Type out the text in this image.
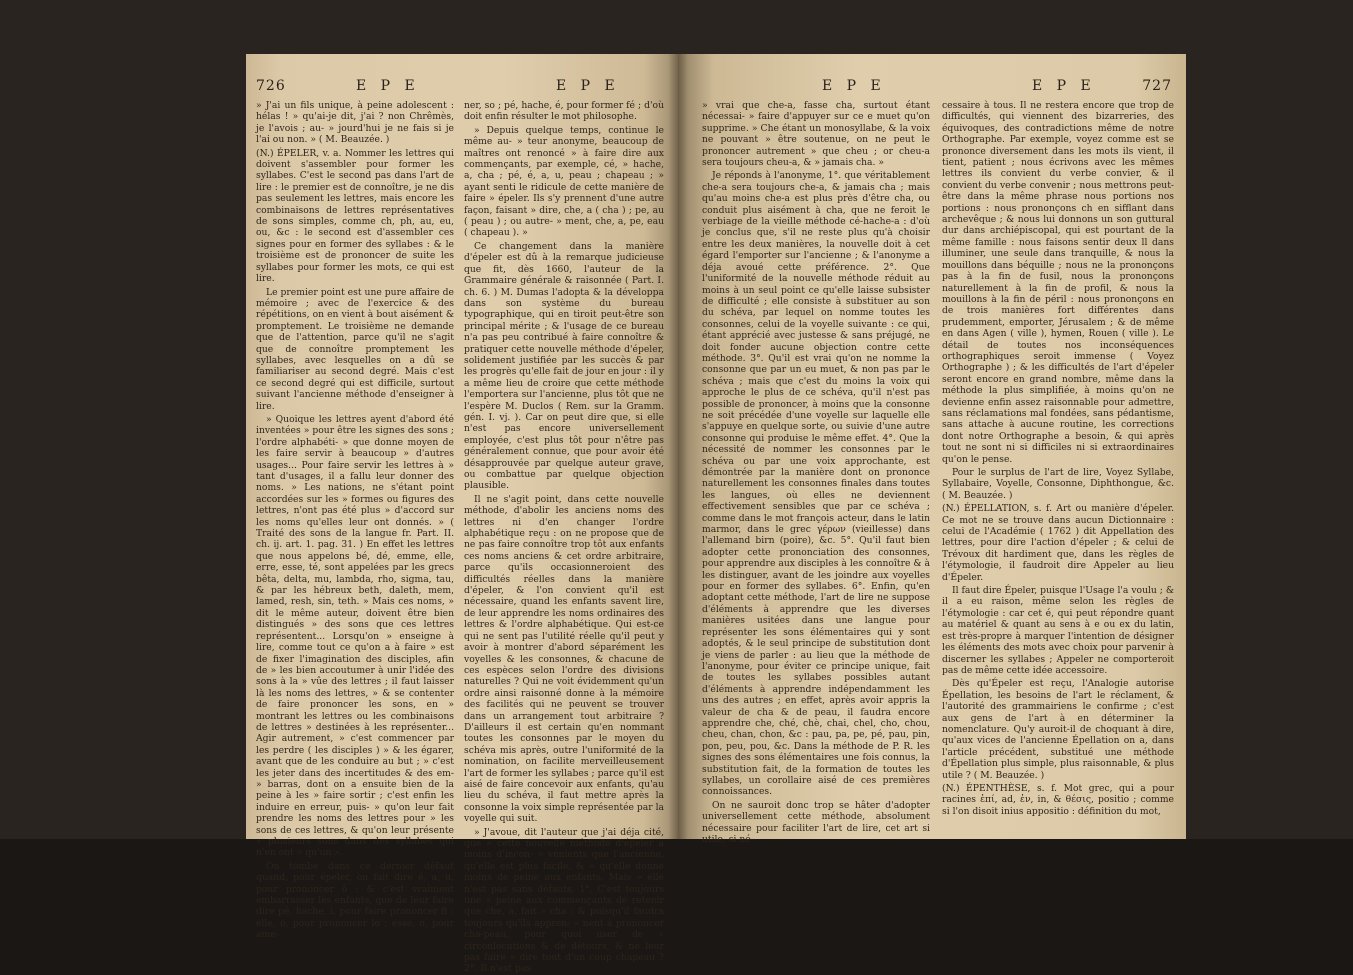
726	E P E	E P E

» J'ai un fils unique, à peine adolescent : hélas ! » qu'ai-je dit, j'ai ? non Chrêmès, je l'avois ; au- » jourd'hui je ne fais si je l'ai ou non. » ( M. Beauzée. )

(N.) ÉPELER, v. a. Nommer les lettres qui doivent s'assembler pour former les syllabes. C'est le second pas dans l'art de lire : le premier est de connoître, je ne dis pas seulement les lettres, mais encore les combinaisons de lettres représentatives de sons simples, comme ch, ph, au, eu, ou, &c : le second est d'assembler ces signes pour en former des syllabes : & le troisième est de prononcer de suite les syllabes pour former les mots, ce qui est lire.

Le premier point est une pure affaire de mémoire ; avec de l'exercice & des répétitions, on en vient à bout aisément & promptement. Le troisième ne demande que de l'attention, parce qu'il ne s'agit que de connoître promptement les syllabes, avec lesquelles on a dû se familiariser au second degré. Mais c'est ce second degré qui est difficile, surtout suivant l'ancienne méthode d'enseigner à lire.

» Quoique les lettres ayent d'abord été inventées » pour être les signes des sons ; l'ordre alphabéti- » que donne moyen de les faire servir à beaucoup » d'autres usages... Pour faire servir les lettres à » tant d'usages, il a fallu leur donner des noms. » Les nations, ne s'étant point accordées sur les » formes ou figures des lettres, n'ont pas été plus » d'accord sur les noms qu'elles leur ont donnés. » ( Traité des sons de la langue fr. Part. II. ch. ij. art. 1. pag. 31. ) En effet les lettres que nous appelons bé, dé, emme, elle, erre, esse, té, sont appelées par les grecs bêta, delta, mu, lambda, rho, sigma, tau, & par les hébreux beth, daleth, mem, lamed, resh, sin, teth. » Mais ces noms, » dit le même auteur, doivent être bien distingués » des sons que ces lettres représentent... Lorsqu'on » enseigne à lire, comme tout ce qu'on a à faire » est de fixer l'imagination des disciples, afin de » les bien accoutumer à unir l'idée des sons à la » vûe des lettres ; il faut laisser là les noms des lettres, » & se contenter de faire prononcer les sons, en » montrant les lettres ou les combinaisons de lettres » destinées à les représenter... Agir autrement, » c'est commencer par les perdre ( les disciples ) » & les égarer, avant que de les conduire au but ; » c'est les jeter dans des incertitudes & des em- » barras, dont on a ensuite bien de la peine à les » faire sortir ; c'est enfin les induire en erreur, puis- » qu'on leur fait prendre les noms des lettres pour » les sons de ces lettres, & qu'on leur présente » plusieurs sons dans des syllabes qui n'en ont » qu'un ».

On tombe dans ce dernier défaut quand, pour épeler, on fait dire é, a, u, pour prononcer ô : & c'est vraiment embarrasser les enfants, que de leur faire dire pé, hache, i, pour faire prononcer fi ; elle, o, pour prononcer lo ; esse, o, pour ame-

ner, so ; pé, hache, é, pour former fé ; d'où doit enfin résulter le mot philosophe.

» Depuis quelque temps, continue le même au- » teur anonyme, beaucoup de maîtres ont renoncé » à faire dire aux commençants, par exemple, cé, » hache, a, cha ; pé, é, a, u, peau ; chapeau ; » ayant senti le ridicule de cette manière de faire » épeler. Ils s'y prennent d'une autre façon, faisant » dire, che, a ( cha ) ; pe, au ( peau ) ; ou autre- » ment, che, a, pe, eau ( chapeau ). »

Ce changement dans la manière d'épeler est dû à la remarque judicieuse que fit, dès 1660, l'auteur de la Grammaire générale & raisonnée ( Part. I. ch. 6. ) M. Dumas l'adopta & la développa dans son système du bureau typographique, qui en tiroit peut-être son principal mérite ; & l'usage de ce bureau n'a pas peu contribué à faire connoître & pratiquer cette nouvelle méthode d'épeler, solidement justifiée par les succès & par les progrès qu'elle fait de jour en jour : il y a même lieu de croire que cette méthode l'emportera sur l'ancienne, plus tôt que ne l'espère M. Duclos ( Rem. sur la Gramm. gén. I. vj. ). Car on peut dire que, si elle n'est pas encore universellement employée, c'est plus tôt pour n'être pas généralement connue, que pour avoir été désapprouvée par quelque auteur grave, ou combattue par quelque objection plausible.

Il ne s'agit point, dans cette nouvelle méthode, d'abolir les anciens noms des lettres ni d'en changer l'ordre alphabétique reçu : on ne propose que de ne pas faire connoître trop tôt aux enfants ces noms anciens & cet ordre arbitraire, parce qu'ils occasionneroient des difficultés réelles dans la manière d'épeler, & l'on convient qu'il est nécessaire, quand les enfants savent lire, de leur apprendre les noms ordinaires des lettres & l'ordre alphabétique. Qui est-ce qui ne sent pas l'utilité réelle qu'il peut y avoir à montrer d'abord séparément les voyelles & les consonnes, & chacune de ces espèces selon l'ordre des divisions naturelles ? Qui ne voit évidemment qu'un ordre ainsi raisonné donne à la mémoire des facilités qui ne peuvent se trouver dans un arrangement tout arbitraire ? D'ailleurs il est certain qu'en nommant toutes les consonnes par le moyen du schéva mis après, outre l'uniformité de la nomination, on facilite merveilleusement l'art de former les syllabes ; parce qu'il est aisé de faire concevoir aux enfants, qu'au lieu du schéva, il faut mettre après la consonne la voix simple représentée par la voyelle qui suit.

» J'avoue, dit l'auteur que j'ai déja cité, que » cette nouvelle méthode d'épeler a moins d'incon- » vénients que l'ancienne, qu'elle est plus facile, & » qu'elle donne moins de peine aux enfants. Mais » elle n'est pas sans défauts. 1°. C'est toujours une » peine aux commençants de retenir que che, a, fait » cha ; & puisqu'il faudra toujours qu'ils appren- » nent à prononcer cha-peau, pour quoi user de » circonlocutions & de détours, & ne leur pas faire » dire tout d'un coup chapeau ? 2°. Il n'est pas

E P E	E P E	727

» vrai que che-a, fasse cha, surtout étant nécessai- » faire d'appuyer sur ce e muet qu'on supprime. » Che étant un monosyllabe, & la voix ne pouvant » être soutenue, on ne peut le prononcer autrement » que cheu ; or cheu-a sera toujours cheu-a, & » jamais cha. »

Je réponds à l'anonyme, 1°. que véritablement che-a sera toujours che-a, & jamais cha ; mais qu'au moins che-a est plus près d'être cha, ou conduit plus aisément à cha, que ne feroit le verbiage de la vieille méthode cé-hache-a : d'où je conclus que, s'il ne reste plus qu'à choisir entre les deux manières, la nouvelle doit à cet égard l'emporter sur l'ancienne ; & l'anonyme a déja avoué cette préférence. 2°. Que l'uniformité de la nouvelle méthode réduit au moins à un seul point ce qu'elle laisse subsister de difficulté ; elle consiste à substituer au son du schéva, par lequel on nomme toutes les consonnes, celui de la voyelle suivante : ce qui, étant apprécié avec justesse & sans préjugé, ne doit fonder aucune objection contre cette méthode. 3°. Qu'il est vrai qu'on ne nomme la consonne que par un eu muet, & non pas par le schéva ; mais que c'est du moins la voix qui approche le plus de ce schéva, qu'il n'est pas possible de prononcer, à moins que la consonne ne soit précédée d'une voyelle sur laquelle elle s'appuye en quelque sorte, ou suivie d'une autre consonne qui produise le même effet. 4°. Que la nécessité de nommer les consonnes par le schéva ou par une voix approchante, est démontrée par la manière dont on prononce naturellement les consonnes finales dans toutes les langues, où elles ne deviennent effectivement sensibles que par ce schéva ; comme dans le mot françois acteur, dans le latin marmor, dans le grec γέρων (vieillesse) dans l'allemand birn (poire), &c. 5°. Qu'il faut bien adopter cette prononciation des consonnes, pour apprendre aux disciples à les connoître & à les distinguer, avant de les joindre aux voyelles pour en former des syllabes. 6°. Enfin, qu'en adoptant cette méthode, l'art de lire ne suppose d'éléments à apprendre que les diverses manières usitées dans une langue pour représenter les sons élémentaires qui y sont adoptés, & le seul principe de substitution dont je viens de parler : au lieu que la méthode de l'anonyme, pour éviter ce principe unique, fait de toutes les syllabes possibles autant d'éléments à apprendre indépendamment les uns des autres ; en effet, après avoir appris la valeur de cha & de peau, il faudra encore apprendre che, ché, chè, chai, chel, cho, chou, cheu, chan, chon, &c : pau, pa, pe, pé, pau, pin, pon, peu, pou, &c. Dans la méthode de P. R. les signes des sons élémentaires une fois connus, la substitution fait, de la formation de toutes les syllabes, un corollaire aisé de ces premières connoissances.

On ne sauroit donc trop se hâter d'adopter universellement cette méthode, absolument nécessaire pour faciliter l'art de lire, cet art si utile, si né-

cessaire à tous. Il ne restera encore que trop de difficultés, qui viennent des bizarreries, des équivoques, des contradictions même de notre Orthographe. Par exemple, voyez comme est se prononce diversement dans les mots ils vient, il tient, patient ; nous écrivons avec les mêmes lettres ils convient du verbe convier, & il convient du verbe convenir ; nous mettrons peut-être dans la même phrase nous portions nos portions : nous prononçons ch en sifflant dans archevêque ; & nous lui donnons un son guttural dur dans archiépiscopal, qui est pourtant de la même famille : nous faisons sentir deux ll dans illuminer, une seule dans tranquille, & nous la mouillons dans béquille ; nous ne la prononçons pas à la fin de fusil, nous la prononçons naturellement à la fin de profil, & nous la mouillons à la fin de péril : nous prononçons en de trois manières fort différentes dans prudemment, emporter, Jérusalem ; & de même en dans Agen ( ville ), hymen, Rouen ( ville ). Le détail de toutes nos inconséquences orthographiques seroit immense ( Voyez Orthographe ) ; & les difficultés de l'art d'épeler seront encore en grand nombre, même dans la méthode la plus simplifiée, à moins qu'on ne devienne enfin assez raisonnable pour admettre, sans réclamations mal fondées, sans pédantisme, sans attache à aucune routine, les corrections dont notre Orthographe a besoin, & qui après tout ne sont ni si difficiles ni si extraordinaires qu'on le pense.

Pour le surplus de l'art de lire, Voyez Syllabe, Syllabaire, Voyelle, Consonne, Diphthongue, &c. ( M. Beauzée. )

(N.) ÉPELLATION, s. f. Art ou manière d'épeler. Ce mot ne se trouve dans aucun Dictionnaire : celui de l'Académie ( 1762 ) dit Appellation des lettres, pour dire l'action d'épeler ; & celui de Trévoux dit hardiment que, dans les règles de l'étymologie, il faudroit dire Appeler au lieu d'Épeler.

Il faut dire Épeler, puisque l'Usage l'a voulu ; & il a eu raison, même selon les règles de l'étymologie : car cet é, qui peut répondre quant au matériel & quant au sens à e ou ex du latin, est très-propre à marquer l'intention de désigner les éléments des mots avec choix pour parvenir à discerner les syllabes ; Appeler ne comporteroit pas de même cette idée accessoire.

Dès qu'Épeler est reçu, l'Analogie autorise Épellation, les besoins de l'art le réclament, & l'autorité des grammairiens le confirme ; c'est aux gens de l'art à en déterminer la nomenclature. Qu'y auroit-il de choquant à dire, qu'aux vices de l'ancienne Épellation on a, dans l'article précédent, substitué une méthode d'Épellation plus simple, plus raisonnable, & plus utile ? ( M. Beauzée. )

(N.) ÉPENTHÈSE, s. f. Mot grec, qui a pour racines ἐπί, ad, ἐν, in, & θέσις, positio ; comme si l'on disoit inius appositio : définition du mot,
